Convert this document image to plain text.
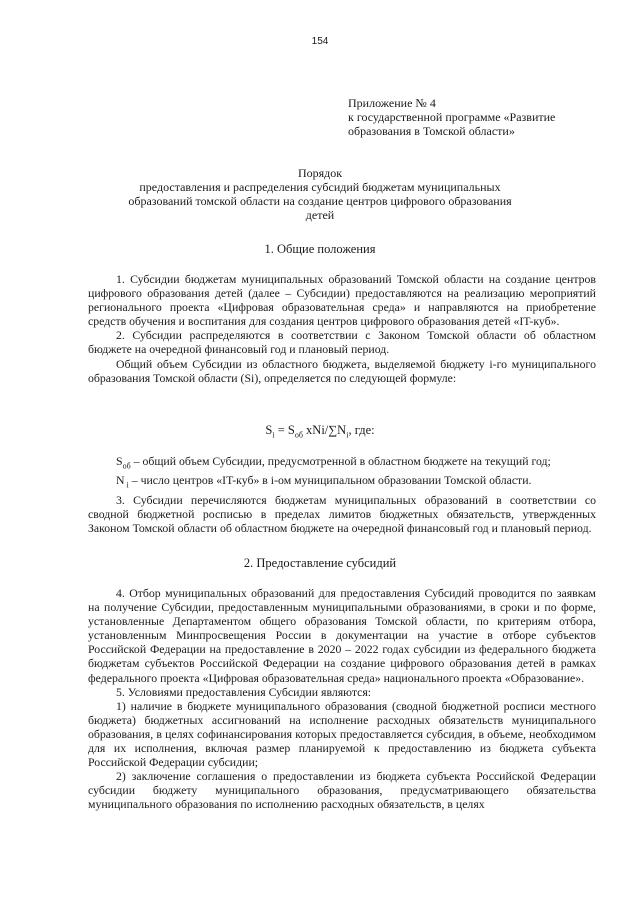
154
Приложение № 4
к государственной программе «Развитие
образования в Томской области»
Порядок
предоставления и распределения субсидий бюджетам муниципальных
образований томской области на создание центров цифрового образования
детей
1. Общие положения

1. Субсидии бюджетам муниципальных образований Томской области на создание центров цифрового образования детей (далее – Субсидии) предоставляются на реализацию мероприятий регионального проекта «Цифровая образовательная среда» и направляются на приобретение средств обучения и воспитания для создания центров цифрового образования детей «IT-куб».

2. Субсидии распределяются в соответствии с Законом Томской области об областном бюджете на очередной финансовый год и плановый период.

Общий объем Субсидии из областного бюджета, выделяемой бюджету i-го муниципального образования Томской области (Si), определяется по следующей формуле:

$S_i = S_{об}$ xNi/$\sum N_i$, где:

$S_{об}$ – общий объем Субсидии, предусмотренной в областном бюджете на текущий год;

N $_i$ – число центров «IT-куб» в i-ом муниципальном образовании Томской области.

3. Субсидии перечисляются бюджетам муниципальных образований в соответствии со сводной бюджетной росписью в пределах лимитов бюджетных обязательств, утвержденных Законом Томской области об областном бюджете на очередной финансовый год и плановый период.

2. Предоставление субсидий

4. Отбор муниципальных образований для предоставления Субсидий проводится по заявкам на получение Субсидии, предоставленным муниципальными образованиями, в сроки и по форме, установленные Департаментом общего образования Томской области, по критериям отбора, установленным Минпросвещения России в документации на участие в отборе субъектов Российской Федерации на предоставление в 2020 – 2022 годах субсидии из федерального бюджета бюджетам субъектов Российской Федерации на создание цифрового образования детей в рамках федерального проекта «Цифровая образовательная среда» национального проекта «Образование».

5. Условиями предоставления Субсидии являются:

1) наличие в бюджете муниципального образования (сводной бюджетной росписи местного бюджета) бюджетных ассигнований на исполнение расходных обязательств муниципального образования, в целях софинансирования которых предоставляется субсидия, в объеме, необходимом для их исполнения, включая размер планируемой к предоставлению из бюджета субъекта Российской Федерации субсидии;

2) заключение соглашения о предоставлении из бюджета субъекта Российской Федерации субсидии бюджету муниципального образования, предусматривающего обязательства муниципального образования по исполнению расходных обязательств, в целях
